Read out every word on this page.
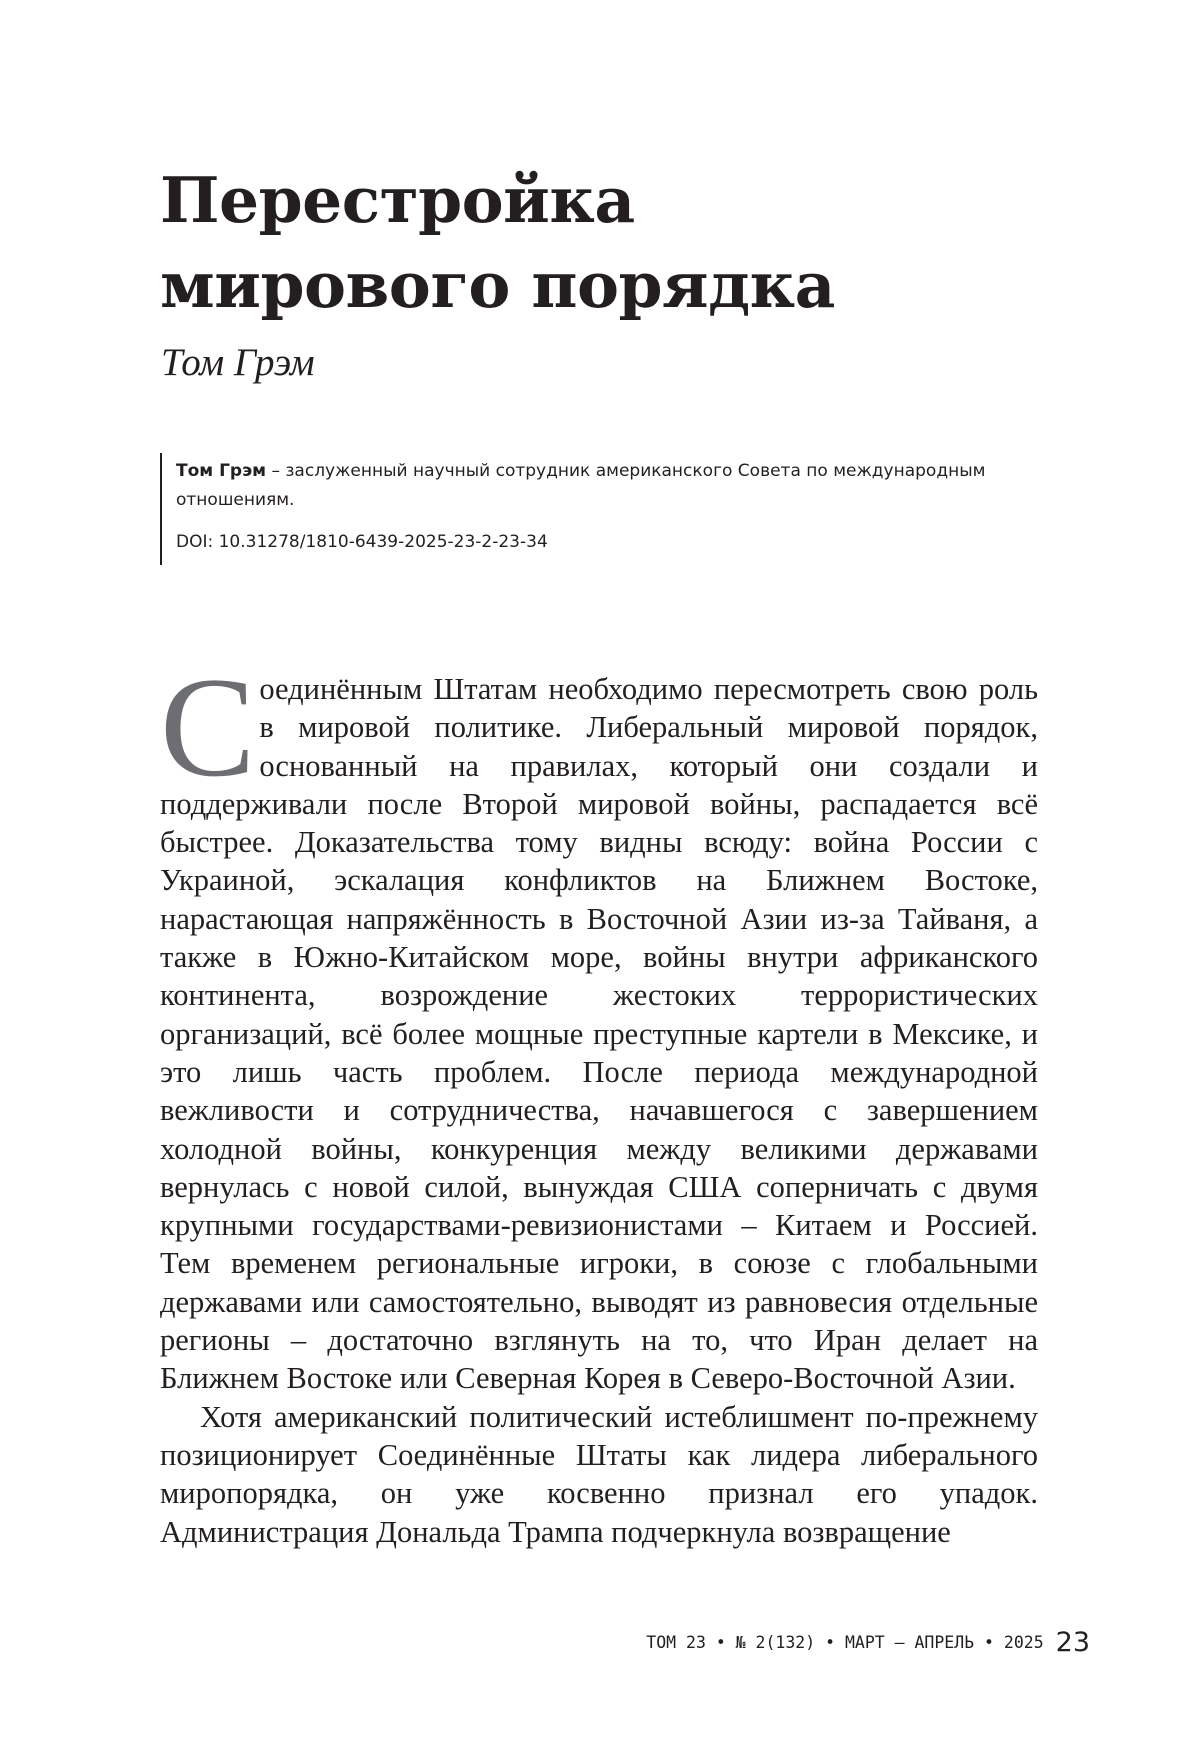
Перестройка
мирового порядка

Том Грэм

Том Грэм – заслуженный научный сотрудник американского Совета по международным отношениям.

DOI: 10.31278/1810-6439-2025-23-2-23-34

С оединённым Штатам необходимо пересмотреть свою роль в мировой политике. Либеральный мировой порядок, основанный на правилах, который они создали и поддерживали после Второй мировой войны, распадается всё быстрее. Доказательства тому видны всюду: война России с Украиной, эскалация конфликтов на Ближнем Востоке, нарастающая напряжённость в Восточной Азии из-за Тайваня, а также в Южно-Китайском море, войны внутри африканского континента, возрождение жестоких террористических организаций, всё более мощные преступные картели в Мексике, и это лишь часть проблем. После периода международной вежливости и сотрудничества, начавшегося с завершением холодной войны, конкуренция между великими державами вернулась с новой силой, вынуждая США соперничать с двумя крупными государствами-ревизионистами – Китаем и Россией. Тем временем региональные игроки, в союзе с глобальными державами или самостоятельно, выводят из равновесия отдельные регионы – достаточно взглянуть на то, что Иран делает на Ближнем Востоке или Северная Корея в Северо-Восточной Азии.

Хотя американский политический истеблишмент по-прежнему позиционирует Соединённые Штаты как лидера либерального миропорядка, он уже косвенно признал его упадок. Администрация Дональда Трампа подчеркнула возвращение

ТОМ 23 • № 2(132) • МАРТ – АПРЕЛЬ • 2025 23
